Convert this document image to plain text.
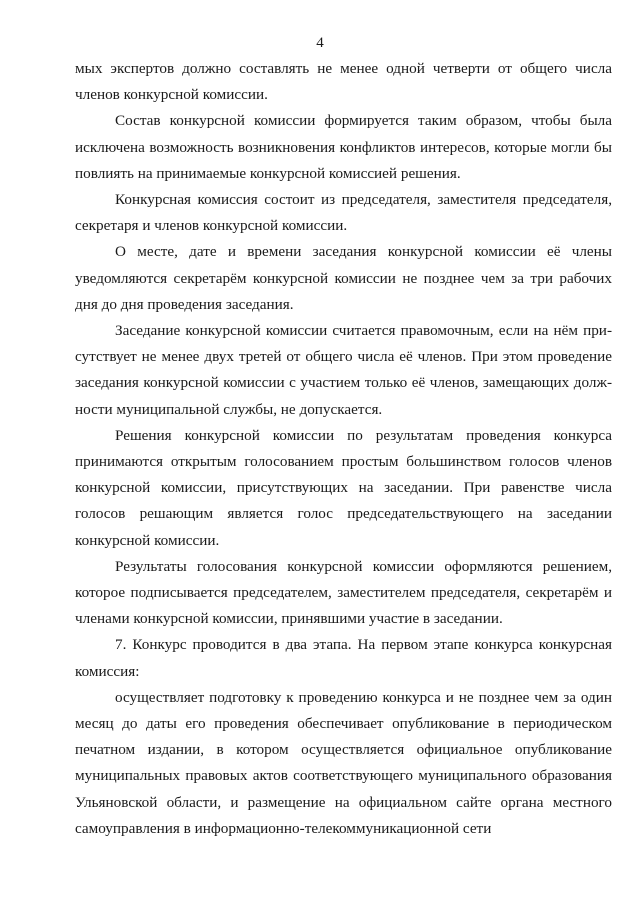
4

мых экспертов должно составлять не менее одной четверти от общего числа членов конкурсной комиссии.

Состав конкурсной комиссии формируется таким образом, чтобы была исключена возможность возникновения конфликтов интересов, которые могли бы повлиять на принимаемые конкурсной комиссией решения.

Конкурсная комиссия состоит из председателя, заместителя председателя, секретаря и членов конкурсной комиссии.

О месте, дате и времени заседания конкурсной комиссии её члены уведомляются секретарём конкурсной комиссии не позднее чем за три рабочих дня до дня проведения заседания.

Заседание конкурсной комиссии считается правомочным, если на нём присутствует не менее двух третей от общего числа её членов. При этом проведение заседания конкурсной комиссии с участием только её членов, замещающих должности муниципальной службы, не допускается.

Решения конкурсной комиссии по результатам проведения конкурса принимаются открытым голосованием простым большинством голосов членов конкурсной комиссии, присутствующих на заседании. При равенстве числа голосов решающим является голос председательствующего на заседании конкурсной комиссии.

Результаты голосования конкурсной комиссии оформляются решением, которое подписывается председателем, заместителем председателя, секретарём и членами конкурсной комиссии, принявшими участие в заседании.

7. Конкурс проводится в два этапа. На первом этапе конкурса конкурсная комиссия:

осуществляет подготовку к проведению конкурса и не позднее чем за один месяц до даты его проведения обеспечивает опубликование в периодическом печатном издании, в котором осуществляется официальное опубликование муниципальных правовых актов соответствующего муниципального образования Ульяновской области, и размещение на официальном сайте органа местного самоуправления в информационно-телекоммуникационной сети
